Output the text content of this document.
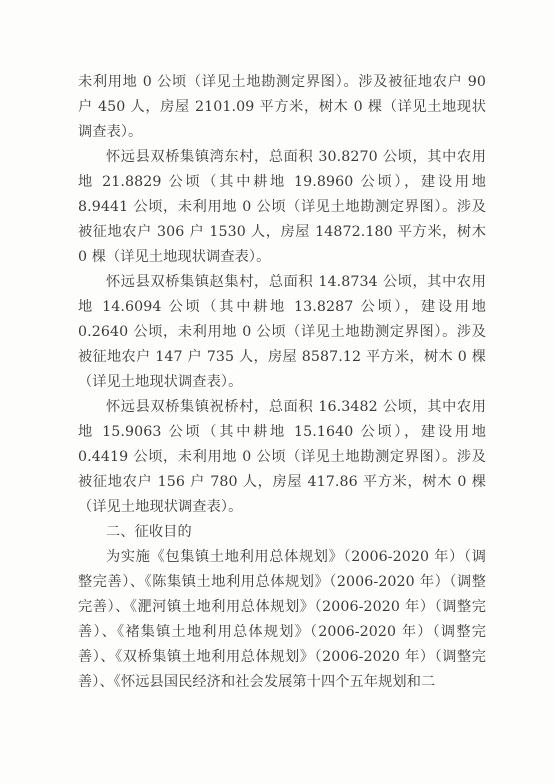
未利用地 0 公顷（详见土地勘测定界图）。涉及被征地农户 90 户 450 人，房屋 2101.09 平方米，树木 0 棵（详见土地现状调查表）。

怀远县双桥集镇湾东村，总面积 30.8270 公顷，其中农用地 21.8829 公顷（其中耕地 19.8960 公顷），建设用地 8.9441 公顷，未利用地 0 公顷（详见土地勘测定界图）。涉及被征地农户 306 户 1530 人，房屋 14872.180 平方米，树木 0 棵（详见土地现状调查表）。

怀远县双桥集镇赵集村，总面积 14.8734 公顷，其中农用地 14.6094 公顷（其中耕地 13.8287 公顷），建设用地 0.2640 公顷，未利用地 0 公顷（详见土地勘测定界图）。涉及被征地农户 147 户 735 人，房屋 8587.12 平方米，树木 0 棵（详见土地现状调查表）。

怀远县双桥集镇祝桥村，总面积 16.3482 公顷，其中农用地 15.9063 公顷（其中耕地 15.1640 公顷），建设用地 0.4419 公顷，未利用地 0 公顷（详见土地勘测定界图）。涉及被征地农户 156 户 780 人，房屋 417.86 平方米，树木 0 棵（详见土地现状调查表）。

二、征收目的

为实施《包集镇土地利用总体规划》（2006-2020 年）（调整完善）、《陈集镇土地利用总体规划》（2006-2020 年）（调整完善）、《淝河镇土地利用总体规划》（2006-2020 年）（调整完善）、《褚集镇土地利用总体规划》（2006-2020 年）（调整完善）、《双桥集镇土地利用总体规划》（2006-2020 年）（调整完善）、《怀远县国民经济和社会发展第十四个五年规划和二
